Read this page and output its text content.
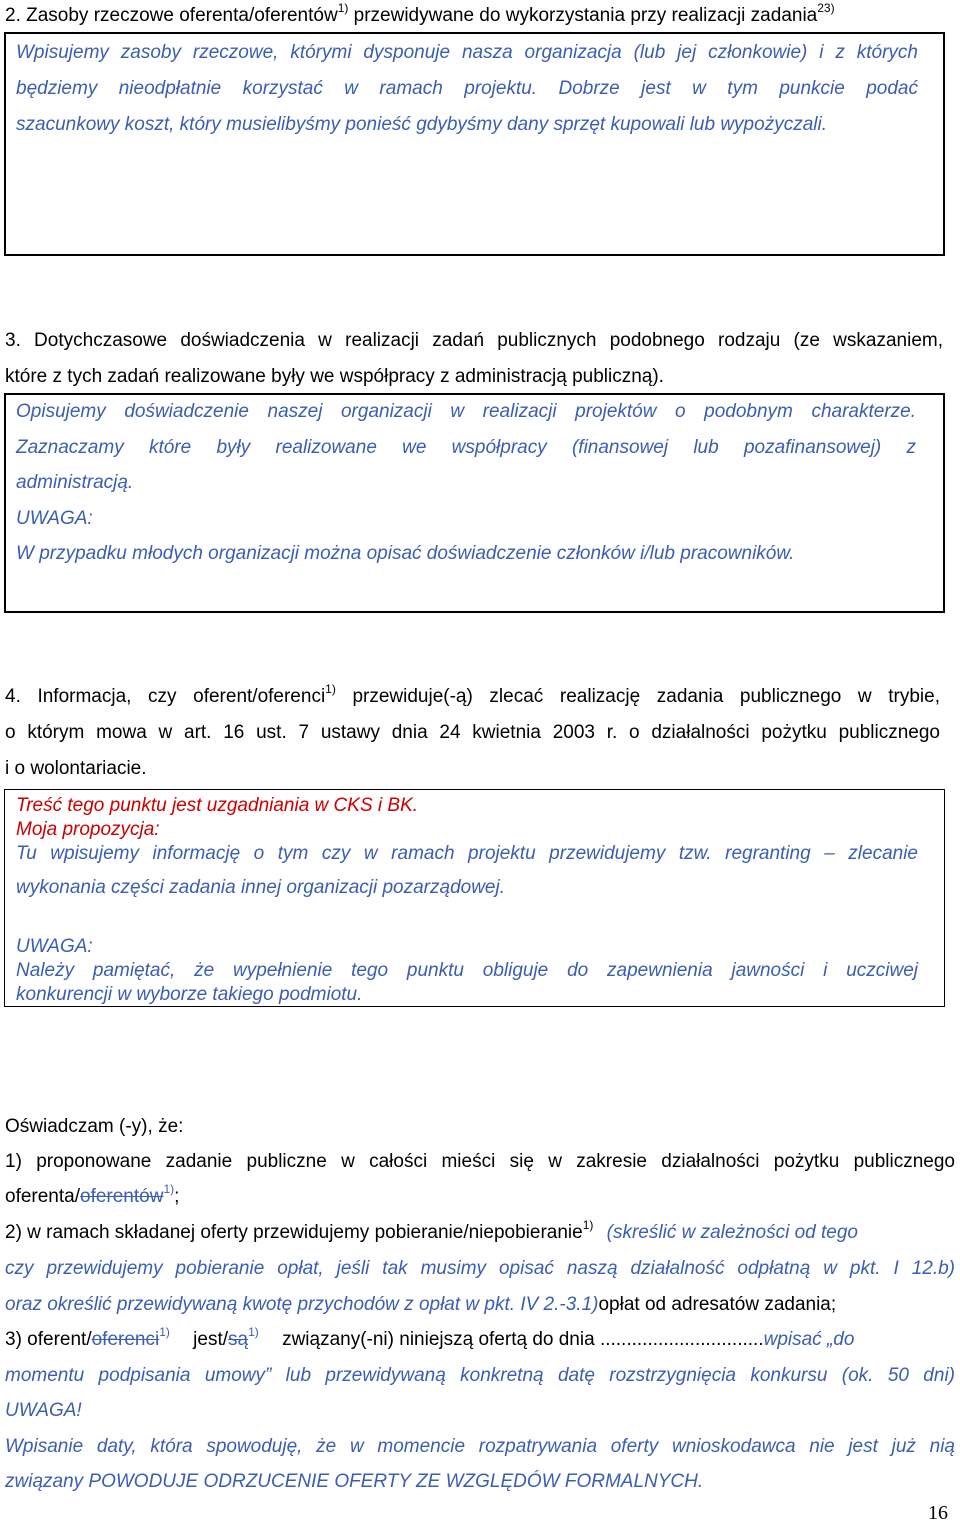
2. Zasoby rzeczowe oferenta/oferentów$^{1)}$ przewidywane do wykorzystania przy realizacji zadania$^{23)}$
Wpisujemy zasoby rzeczowe, którymi dysponuje nasza organizacja (lub jej członkowie) i z których
będziemy nieodpłatnie korzystać w ramach projektu. Dobrze jest w tym punkcie podać
szacunkowy koszt, który musielibyśmy ponieść gdybyśmy dany sprzęt kupowali lub wypożyczali.
3. Dotychczasowe doświadczenia w realizacji zadań publicznych podobnego rodzaju (ze wskazaniem,
które z tych zadań realizowane były we współpracy z administracją publiczną).
Opisujemy doświadczenie naszej organizacji w realizacji projektów o podobnym charakterze.
Zaznaczamy które były realizowane we współpracy (finansowej lub pozafinansowej) z
administracją.
UWAGA:
W przypadku młodych organizacji można opisać doświadczenie członków i/lub pracowników.
4. Informacja, czy oferent/oferenci$^{1)}$ przewiduje(-ą) zlecać realizację zadania publicznego w trybie,
o którym mowa w art. 16 ust. 7 ustawy dnia 24 kwietnia 2003 r. o działalności pożytku publicznego
i o wolontariacie.
Treść tego punktu jest uzgadniania w CKS i BK.
Moja propozycja:
Tu wpisujemy informację o tym czy w ramach projektu przewidujemy tzw. regranting – zlecanie
wykonania części zadania innej organizacji pozarządowej.
UWAGA:
Należy pamiętać, że wypełnienie tego punktu obliguje do zapewnienia jawności i uczciwej
konkurencji w wyborze takiego podmiotu.
Oświadczam (-y), że:
1) proponowane zadanie publiczne w całości mieści się w zakresie działalności pożytku publicznego
oferenta/oferentów$^{1)}$;
2) w ramach składanej oferty przewidujemy pobieranie/niepobieranie$^{1)}$ (skreślić w zależności od tego
czy przewidujemy pobieranie opłat, jeśli tak musimy opisać naszą działalność odpłatną w pkt. I 12.b)
oraz określić przewidywaną kwotę przychodów z opłat w pkt. IV 2.-3.1)opłat od adresatów zadania;
3) oferent/oferenci$^{1)}$ jest/$są^{1)}$ związany(-ni) niniejszą ofertą do dnia ...............................wpisać „do
momentu podpisania umowy” lub przewidywaną konkretną datę rozstrzygnięcia konkursu (ok. 50 dni)
UWAGA!
Wpisanie daty, która spowoduję, że w momencie rozpatrywania oferty wnioskodawca nie jest już nią
związany POWODUJE ODRZUCENIE OFERTY ZE WZGLĘDÓW FORMALNYCH.
16
